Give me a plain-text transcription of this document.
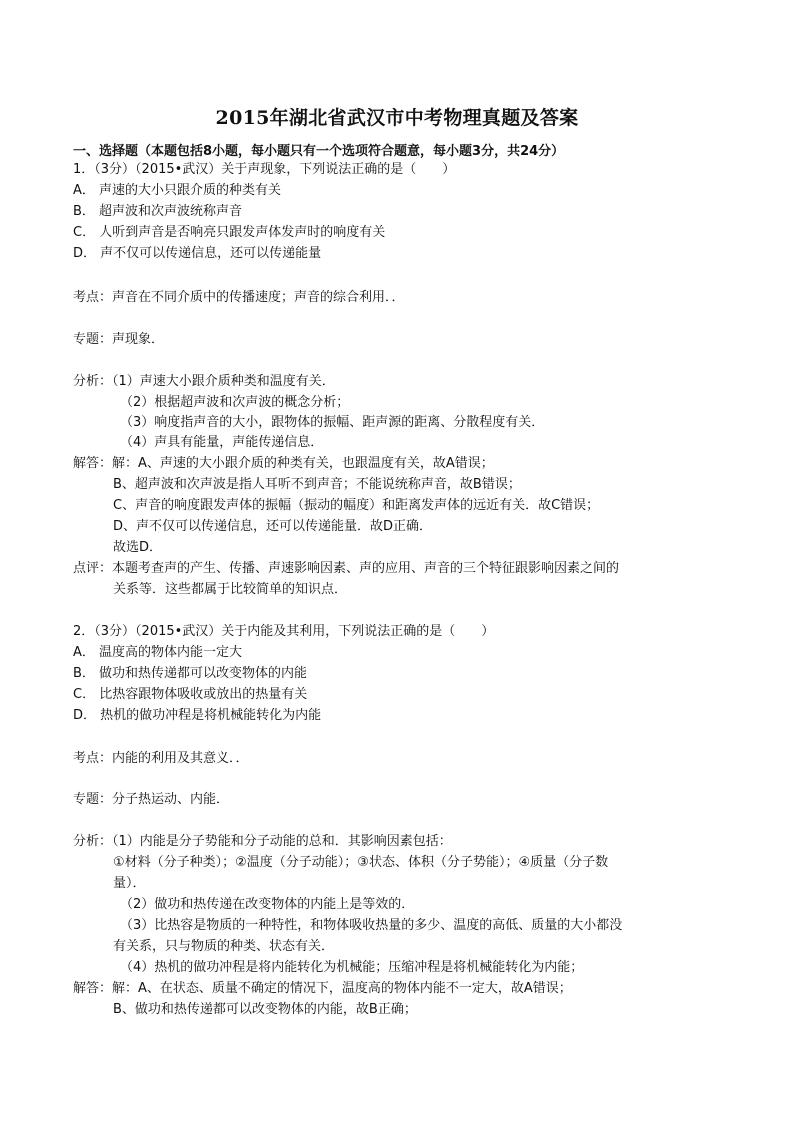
2015年湖北省武汉市中考物理真题及答案
一、选择题（本题包括8小题，每小题只有一个选项符合题意，每小题3分，共24分）
1．（3分）（2015•武汉）关于声现象，下列说法正确的是（　　）
A． 声速的大小只跟介质的种类有关
B． 超声波和次声波统称声音
C． 人听到声音是否响亮只跟发声体发声时的响度有关
D． 声不仅可以传递信息，还可以传递能量
考点：声音在不同介质中的传播速度；声音的综合利用．．
专题：声现象．
分析：（1）声速大小跟介质种类和温度有关．
（2）根据超声波和次声波的概念分析；
（3）响度指声音的大小，跟物体的振幅、距声源的距离、分散程度有关．
（4）声具有能量，声能传递信息．
解答：解：A、声速的大小跟介质的种类有关，也跟温度有关，故A错误；
B、超声波和次声波是指人耳听不到声音；不能说统称声音，故B错误；
C、声音的响度跟发声体的振幅（振动的幅度）和距离发声体的远近有关．故C错误；
D、声不仅可以传递信息，还可以传递能量．故D正确．
故选D．
点评：本题考查声的产生、传播、声速影响因素、声的应用、声音的三个特征跟影响因素之间的
关系等．这些都属于比较简单的知识点．
2．（3分）（2015•武汉）关于内能及其利用，下列说法正确的是（　　）
A． 温度高的物体内能一定大
B． 做功和热传递都可以改变物体的内能
C． 比热容跟物体吸收或放出的热量有关
D． 热机的做功冲程是将机械能转化为内能
考点：内能的利用及其意义．．
专题：分子热运动、内能．
分析：（1）内能是分子势能和分子动能的总和．其影响因素包括：
①材料（分子种类）；②温度（分子动能）；③状态、体积（分子势能）；④质量（分子数
量）．
（2）做功和热传递在改变物体的内能上是等效的．
（3）比热容是物质的一种特性，和物体吸收热量的多少、温度的高低、质量的大小都没
有关系，只与物质的种类、状态有关．
（4）热机的做功冲程是将内能转化为机械能；压缩冲程是将机械能转化为内能；
解答：解：A、在状态、质量不确定的情况下，温度高的物体内能不一定大，故A错误；
B、做功和热传递都可以改变物体的内能，故B正确；
